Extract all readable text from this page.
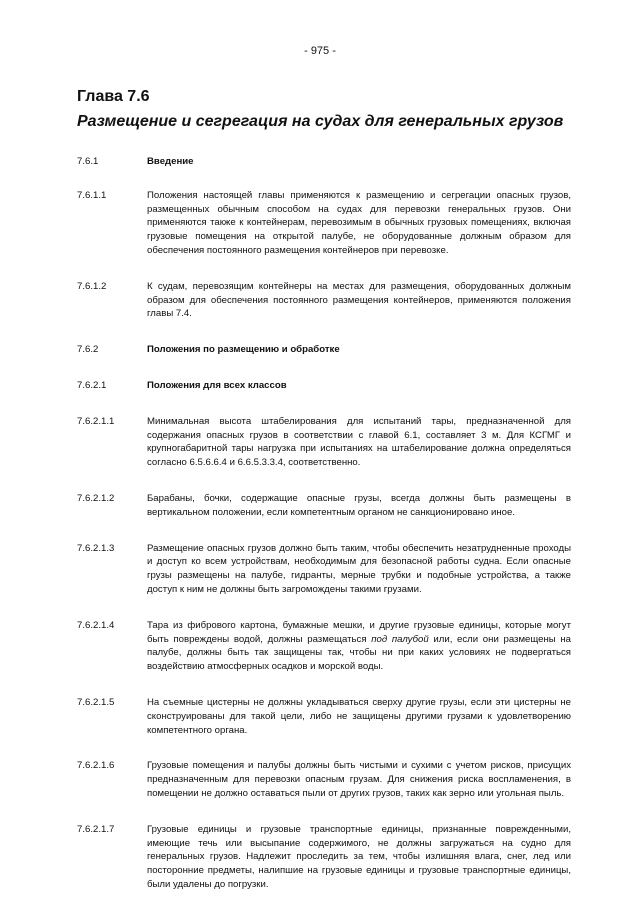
- 975 -
Глава 7.6
Размещение и сегрегация на судах для генеральных грузов
7.6.1	Введение
7.6.1.1	Положения настоящей главы применяются к размещению и сегрегации опасных грузов, размещенных обычным способом на судах для перевозки генеральных грузов. Они применяются также к контейнерам, перевозимым в обычных грузовых помещениях, включая грузовые помещения на открытой палубе, не оборудованные должным образом для обеспечения постоянного размещения контейнеров при перевозке.
7.6.1.2	К судам, перевозящим контейнеры на местах для размещения, оборудованных должным образом для обеспечения постоянного размещения контейнеров, применяются положения главы 7.4.
7.6.2	Положения по размещению и обработке
7.6.2.1	Положения для всех классов
7.6.2.1.1	Минимальная высота штабелирования для испытаний тары, предназначенной для содержания опасных грузов в соответствии с главой 6.1, составляет 3 м. Для КСГМГ и крупногабаритной тары нагрузка при испытаниях на штабелирование должна определяться согласно 6.5.6.6.4 и 6.6.5.3.3.4, соответственно.
7.6.2.1.2	Барабаны, бочки, содержащие опасные грузы, всегда должны быть размещены в вертикальном положении, если компетентным органом не санкционировано иное.
7.6.2.1.3	Размещение опасных грузов должно быть таким, чтобы обеспечить незатрудненные проходы и доступ ко всем устройствам, необходимым для безопасной работы судна. Если опасные грузы размещены на палубе, гидранты, мерные трубки и подобные устройства, а также доступ к ним не должны быть загромождены такими грузами.
7.6.2.1.4	Тара из фибрового картона, бумажные мешки, и другие грузовые единицы, которые могут быть повреждены водой, должны размещаться под палубой или, если они размещены на палубе, должны быть так защищены так, чтобы ни при каких условиях не подвергаться воздействию атмосферных осадков и морской воды.
7.6.2.1.5	На съемные цистерны не должны укладываться сверху другие грузы, если эти цистерны не сконструированы для такой цели, либо не защищены другими грузами к удовлетворению компетентного органа.
7.6.2.1.6	Грузовые помещения и палубы должны быть чистыми и сухими с учетом рисков, присущих предназначенным для перевозки опасным грузам. Для снижения риска воспламенения, в помещении не должно оставаться пыли от других грузов, таких как зерно или угольная пыль.
7.6.2.1.7	Грузовые единицы и грузовые транспортные единицы, признанные поврежденными, имеющие течь или высыпание содержимого, не должны загружаться на судно для генеральных грузов. Надлежит проследить за тем, чтобы излишняя влага, снег, лед или посторонние предметы, налипшие на грузовые единицы и грузовые транспортные единицы, были удалены до погрузки.
